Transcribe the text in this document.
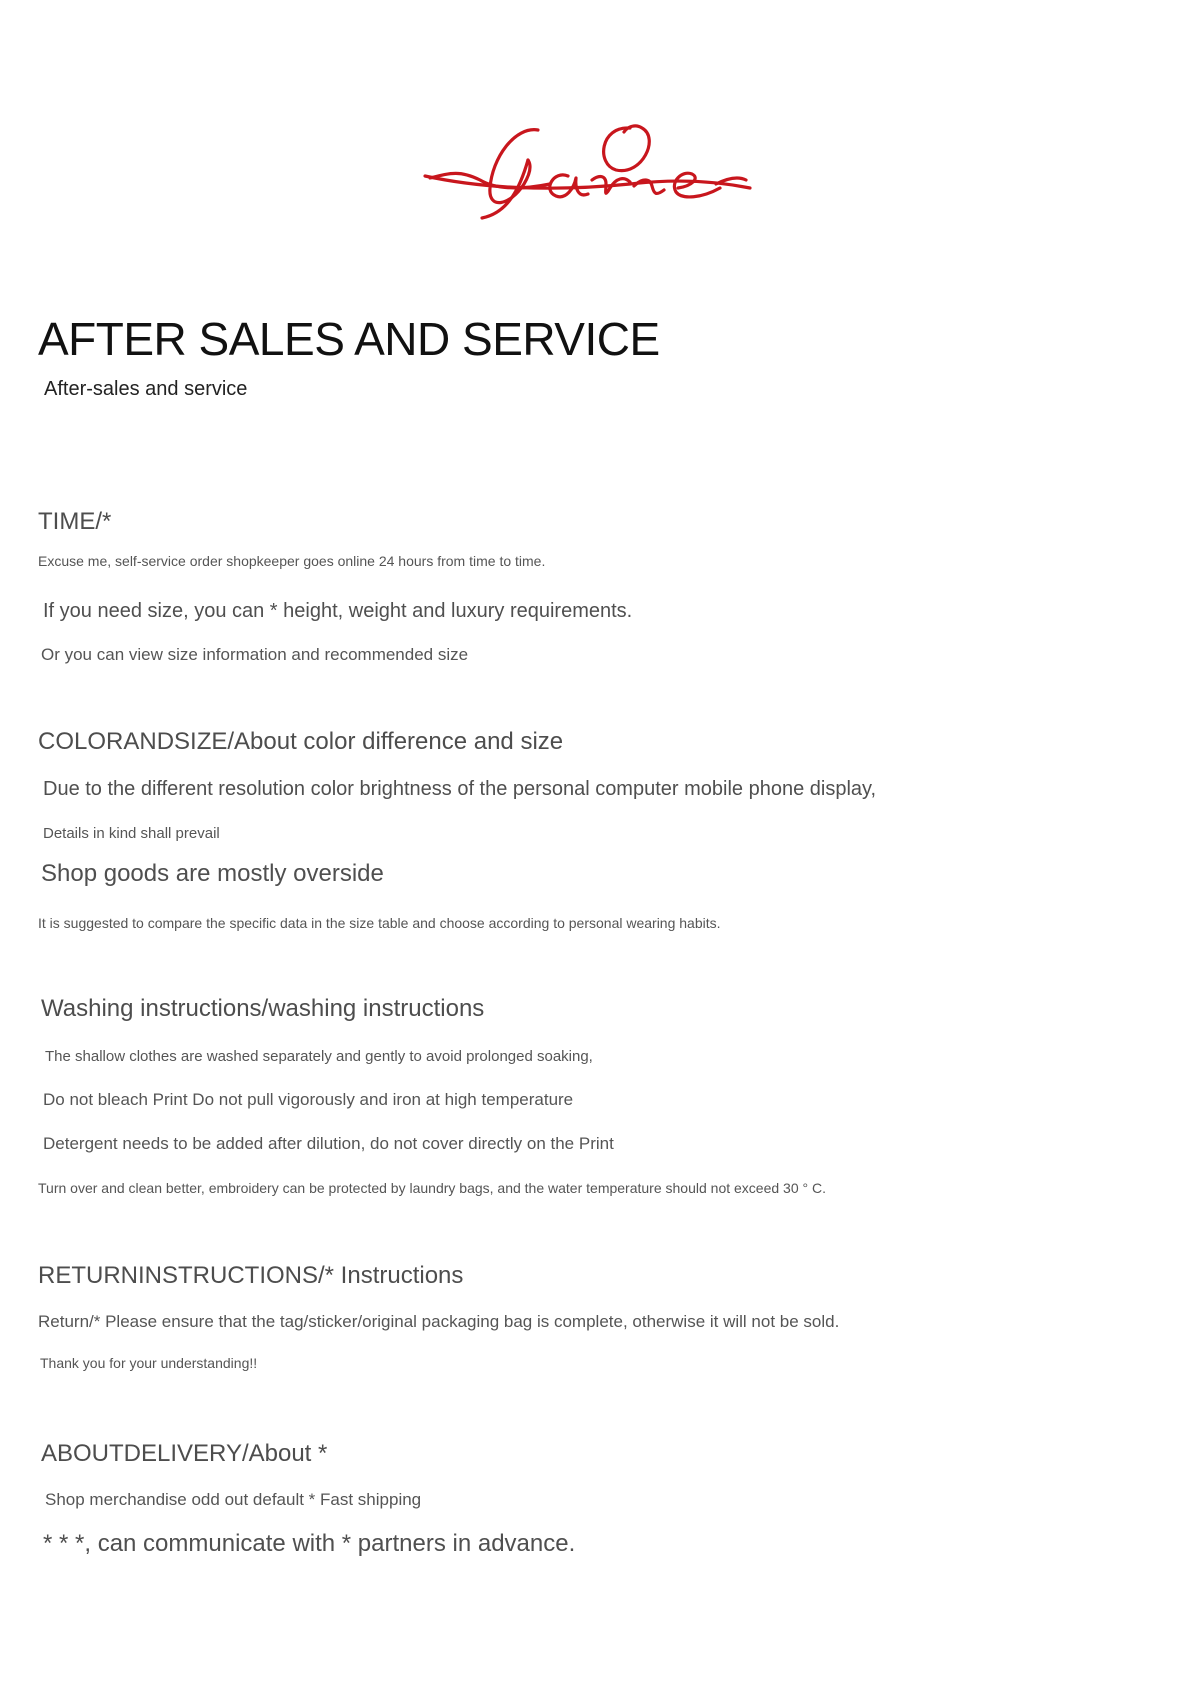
AFTER SALES AND SERVICE
After-sales and service
TIME/*
Excuse me, self-service order shopkeeper goes online 24 hours from time to time.
If you need size, you can * height, weight and luxury requirements.
Or you can view size information and recommended size
COLORANDSIZE/About color difference and size
Due to the different resolution color brightness of the personal computer mobile phone display,
Details in kind shall prevail
Shop goods are mostly overside
It is suggested to compare the specific data in the size table and choose according to personal wearing habits.
Washing instructions/washing instructions
The shallow clothes are washed separately and gently to avoid prolonged soaking,
Do not bleach Print Do not pull vigorously and iron at high temperature
Detergent needs to be added after dilution, do not cover directly on the Print
Turn over and clean better, embroidery can be protected by laundry bags, and the water temperature should not exceed 30 ° C.
RETURNINSTRUCTIONS/* Instructions
Return/* Please ensure that the tag/sticker/original packaging bag is complete, otherwise it will not be sold.
Thank you for your understanding!!
ABOUTDELIVERY/About *
Shop merchandise odd out default * Fast shipping
* * *, can communicate with * partners in advance.
